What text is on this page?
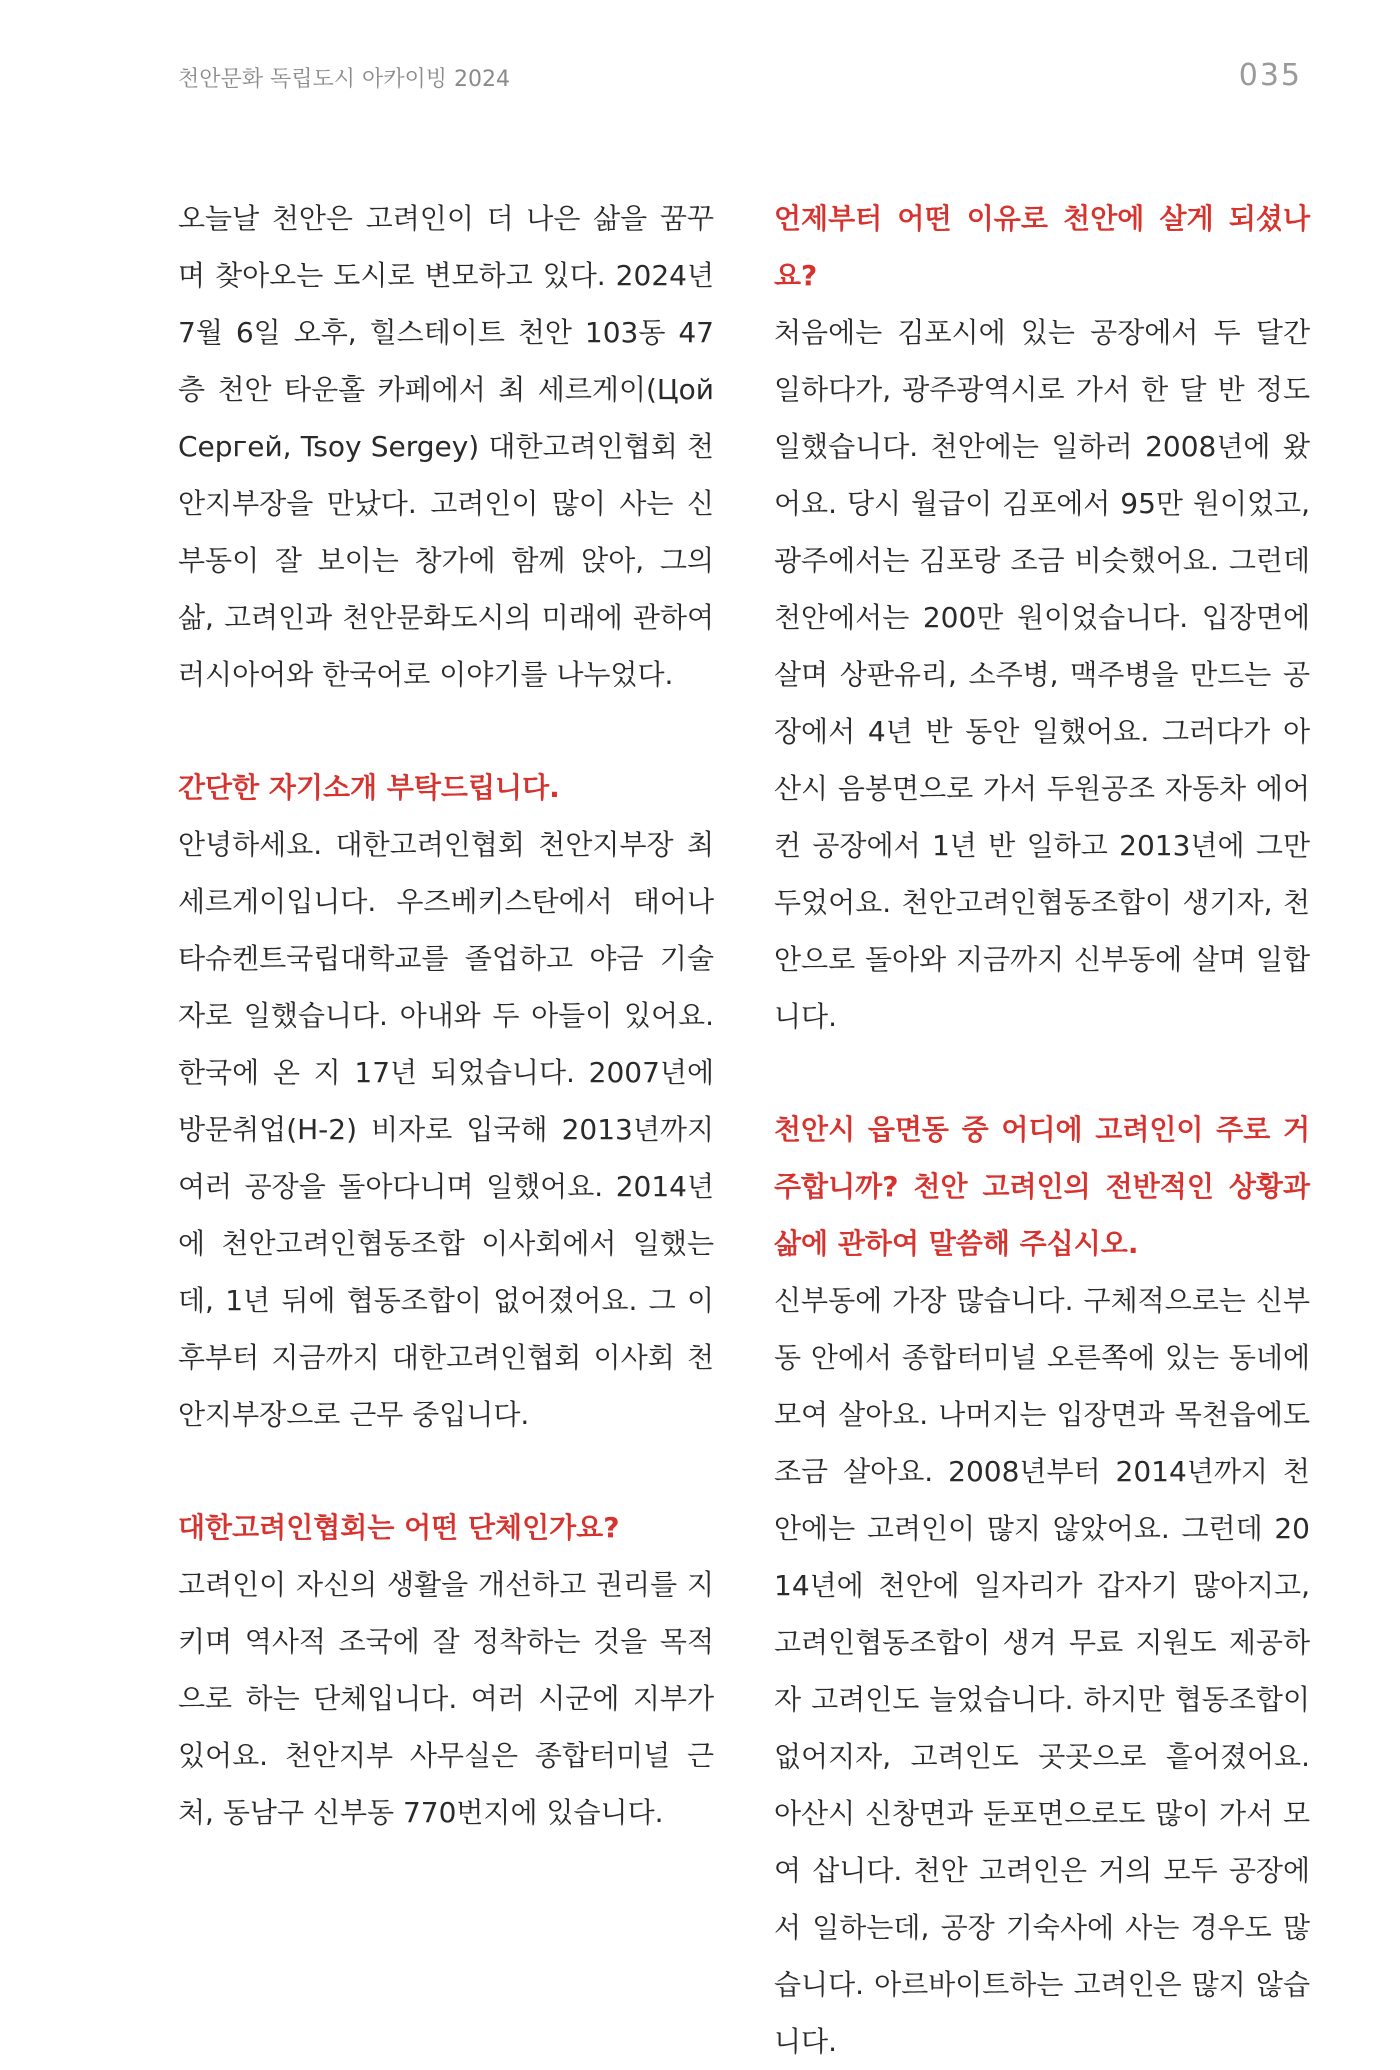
천안문화 독립도시 아카이빙 2024	035

오늘날 천안은 고려인이 더 나은 삶을 꿈꾸며 찾아오는 도시로 변모하고 있다. 2024년 7월 6일 오후, 힐스테이트 천안 103동 47층 천안 타운홀 카페에서 최 세르게이(Цой Сергей, Tsoy Sergey) 대한고려인협회 천안지부장을 만났다. 고려인이 많이 사는 신부동이 잘 보이는 창가에 함께 앉아, 그의 삶, 고려인과 천안문화도시의 미래에 관하여 러시아어와 한국어로 이야기를 나누었다.

간단한 자기소개 부탁드립니다.

안녕하세요. 대한고려인협회 천안지부장 최 세르게이입니다. 우즈베키스탄에서 태어나 타슈켄트국립대학교를 졸업하고 야금 기술자로 일했습니다. 아내와 두 아들이 있어요. 한국에 온 지 17년 되었습니다. 2007년에 방문취업(H-2) 비자로 입국해 2013년까지 여러 공장을 돌아다니며 일했어요. 2014년에 천안고려인협동조합 이사회에서 일했는데, 1년 뒤에 협동조합이 없어졌어요. 그 이후부터 지금까지 대한고려인협회 이사회 천안지부장으로 근무 중입니다.

대한고려인협회는 어떤 단체인가요?

고려인이 자신의 생활을 개선하고 권리를 지키며 역사적 조국에 잘 정착하는 것을 목적으로 하는 단체입니다. 여러 시군에 지부가 있어요. 천안지부 사무실은 종합터미널 근처, 동남구 신부동 770번지에 있습니다.

언제부터 어떤 이유로 천안에 살게 되셨나요?

처음에는 김포시에 있는 공장에서 두 달간 일하다가, 광주광역시로 가서 한 달 반 정도 일했습니다. 천안에는 일하러 2008년에 왔어요. 당시 월급이 김포에서 95만 원이었고, 광주에서는 김포랑 조금 비슷했어요. 그런데 천안에서는 200만 원이었습니다. 입장면에 살며 상판유리, 소주병, 맥주병을 만드는 공장에서 4년 반 동안 일했어요. 그러다가 아산시 음봉면으로 가서 두원공조 자동차 에어컨 공장에서 1년 반 일하고 2013년에 그만두었어요. 천안고려인협동조합이 생기자, 천안으로 돌아와 지금까지 신부동에 살며 일합니다.

천안시 읍면동 중 어디에 고려인이 주로 거주합니까? 천안 고려인의 전반적인 상황과 삶에 관하여 말씀해 주십시오.

신부동에 가장 많습니다. 구체적으로는 신부동 안에서 종합터미널 오른쪽에 있는 동네에 모여 살아요. 나머지는 입장면과 목천읍에도 조금 살아요. 2008년부터 2014년까지 천안에는 고려인이 많지 않았어요. 그런데 2014년에 천안에 일자리가 갑자기 많아지고, 고려인협동조합이 생겨 무료 지원도 제공하자 고려인도 늘었습니다. 하지만 협동조합이 없어지자, 고려인도 곳곳으로 흩어졌어요. 아산시 신창면과 둔포면으로도 많이 가서 모여 삽니다. 천안 고려인은 거의 모두 공장에서 일하는데, 공장 기숙사에 사는 경우도 많습니다. 아르바이트하는 고려인은 많지 않습니다.
